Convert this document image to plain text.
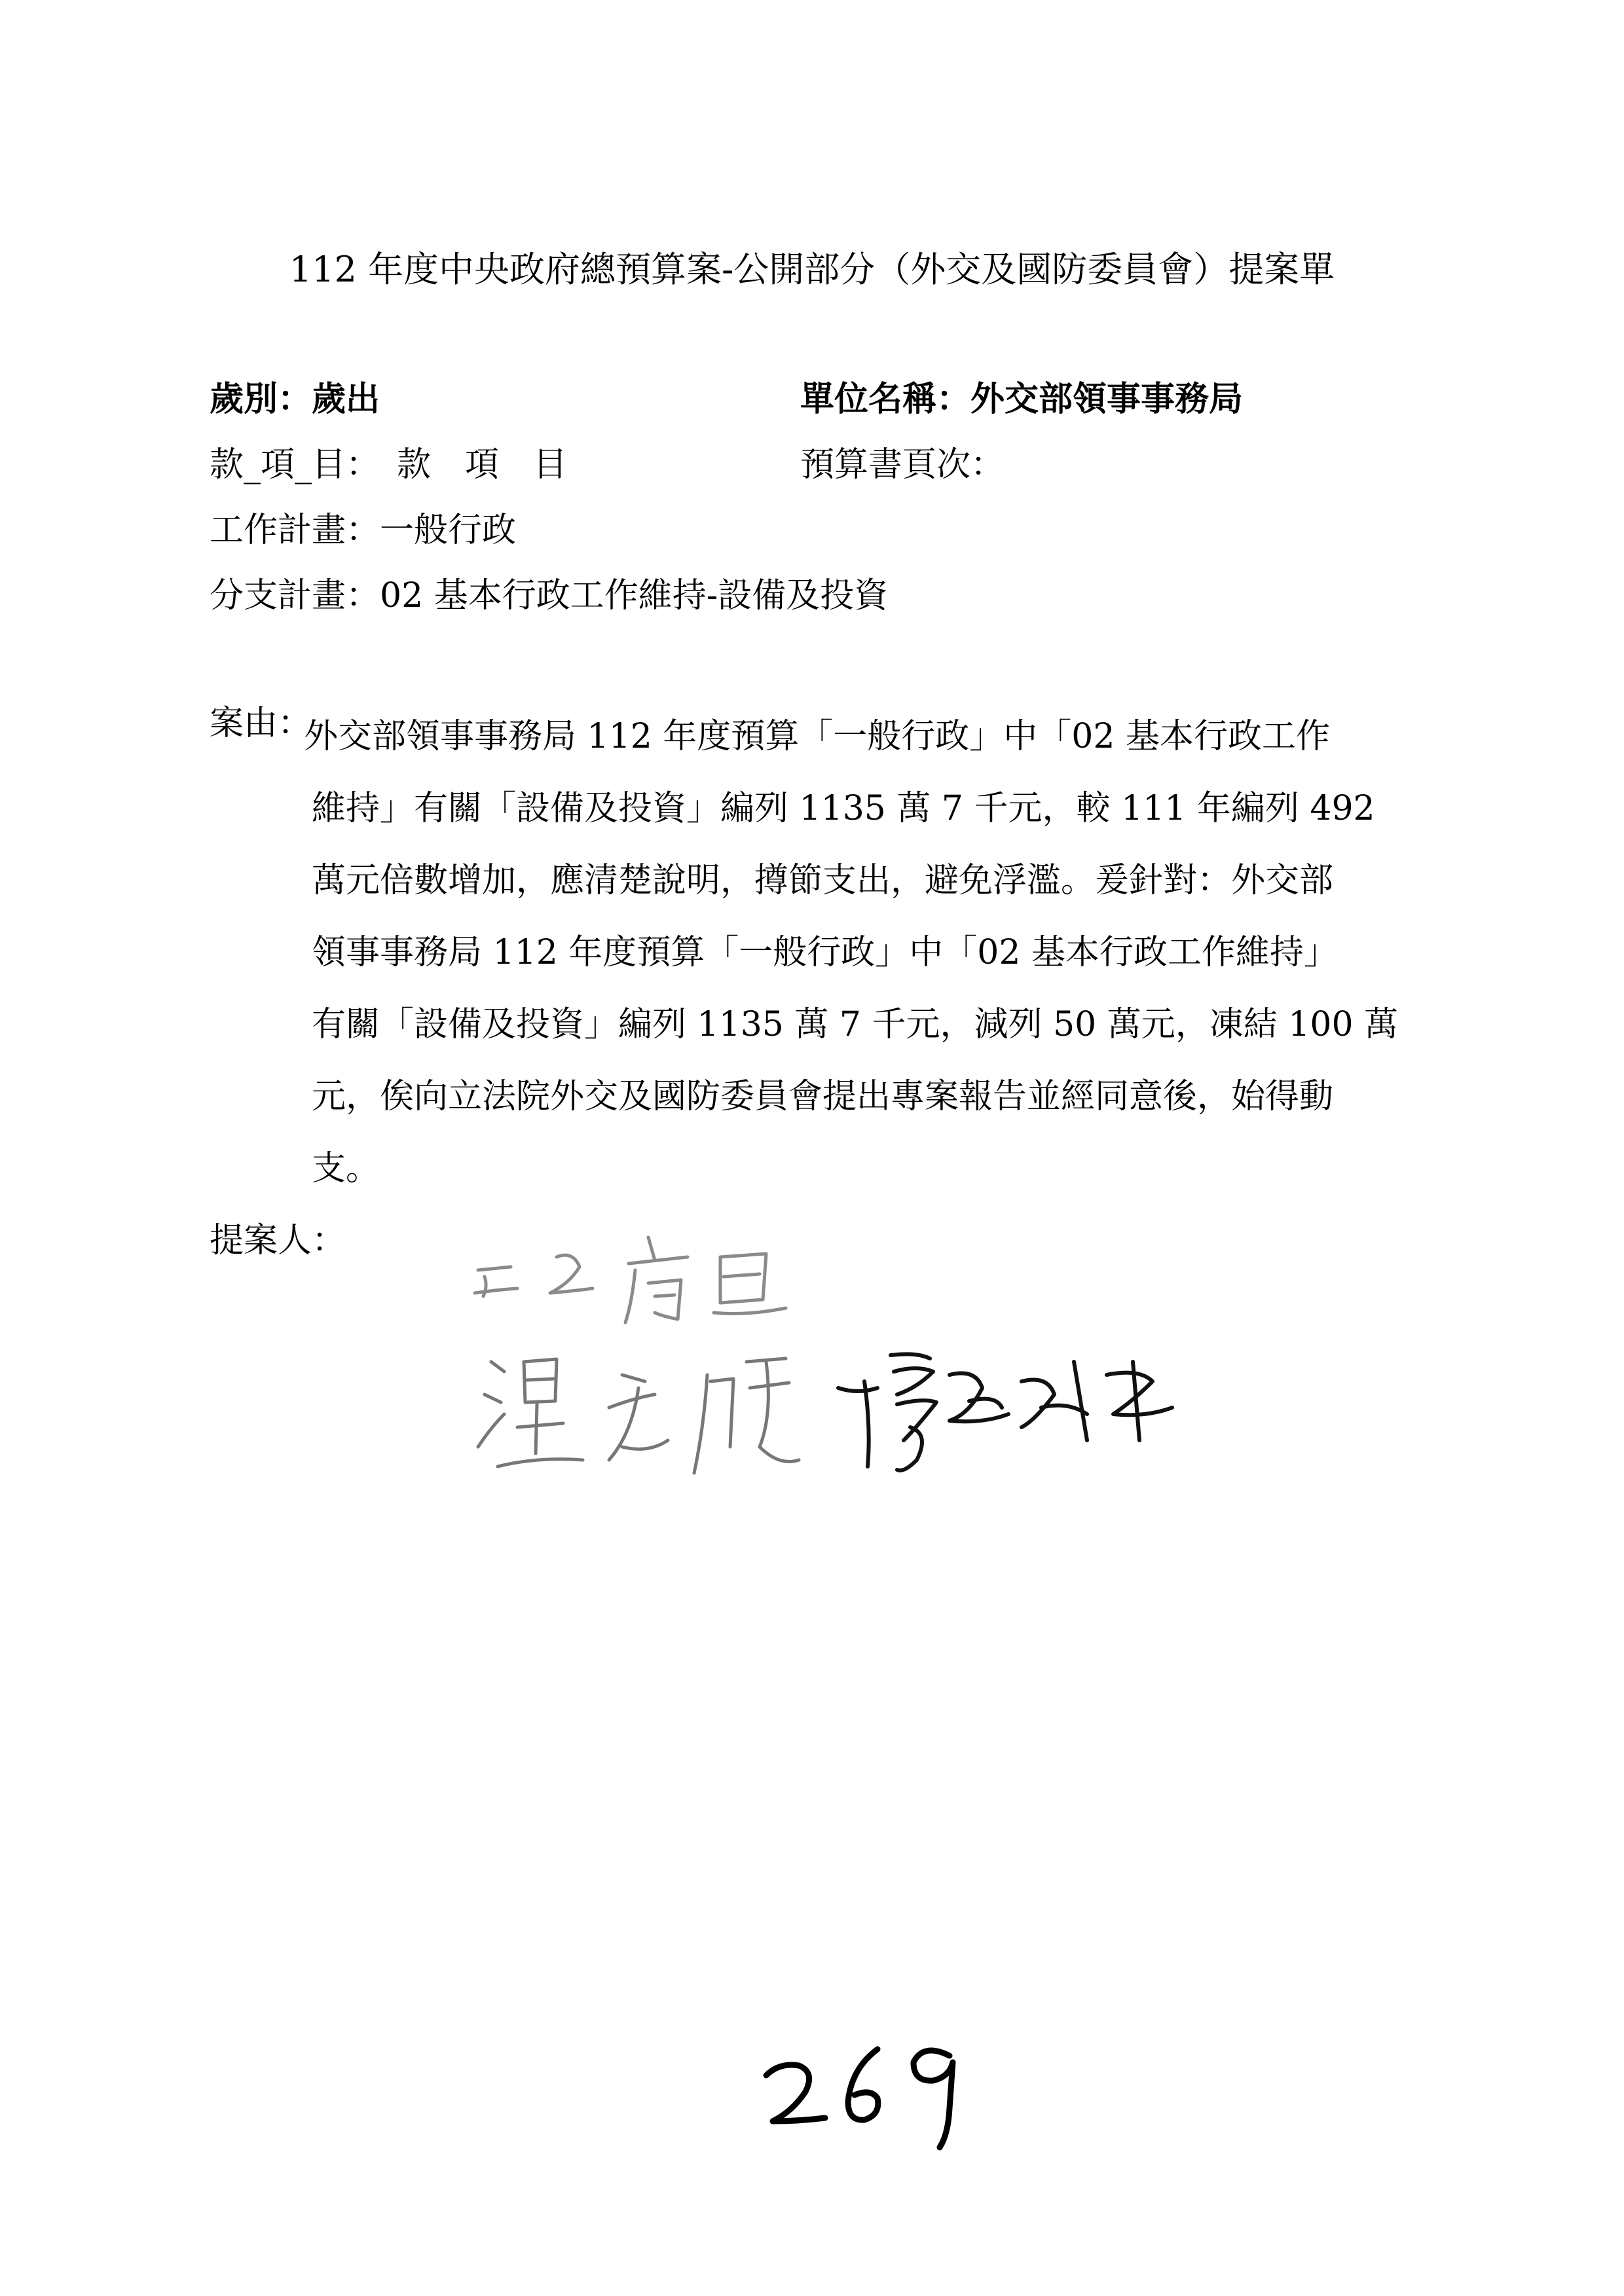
112 年度中央政府總預算案-公開部分（外交及國防委員會）提案單
歲別：歲出	單位名稱：外交部領事事務局
款_項_目：　款　項　目	預算書頁次：
工作計畫：一般行政
分支計畫：02 基本行政工作維持-設備及投資
案由：
外交部領事事務局 112 年度預算「一般行政」中「02 基本行政工作
維持」有關「設備及投資」編列 1135 萬 7 千元，較 111 年編列 492
萬元倍數增加，應清楚說明，撙節支出，避免浮濫。爰針對：外交部
領事事務局 112 年度預算「一般行政」中「02 基本行政工作維持」
有關「設備及投資」編列 1135 萬 7 千元，減列 50 萬元，凍結 100 萬
元，俟向立法院外交及國防委員會提出專案報告並經同意後，始得動
支。
提案人：
